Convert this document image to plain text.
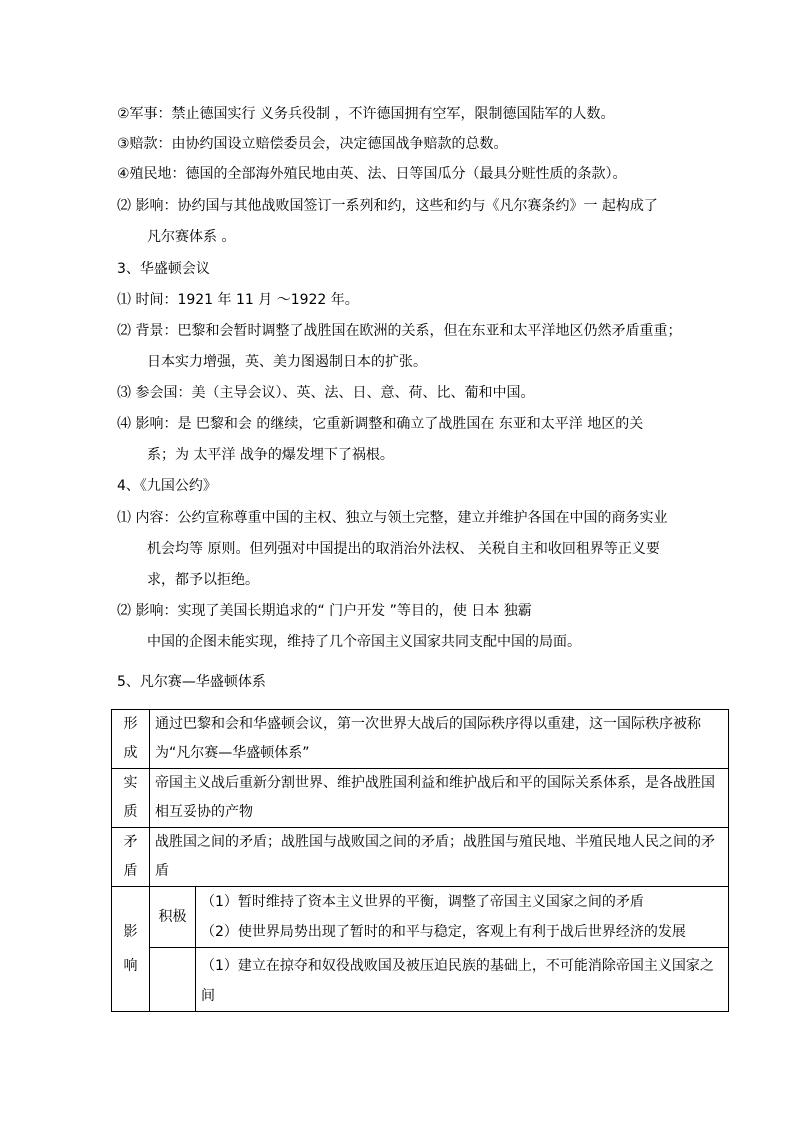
②军事：禁止德国实行 义务兵役制 ，不许德国拥有空军，限制德国陆军的人数。
③赔款：由协约国设立赔偿委员会，决定德国战争赔款的总数。
④殖民地：德国的全部海外殖民地由英、法、日等国瓜分（最具分赃性质的条款）。
⑵ 影响：协约国与其他战败国签订一系列和约，这些和约与《凡尔赛条约》一 起构成了
凡尔赛体系 。
3、华盛顿会议
⑴ 时间：1921 年 11 月 ～1922 年。
⑵ 背景：巴黎和会暂时调整了战胜国在欧洲的关系，但在东亚和太平洋地区仍然矛盾重重；
日本实力增强，英、美力图遏制日本的扩张。
⑶ 参会国：美（主导会议）、英、法、日、意、荷、比、葡和中国。
⑷ 影响：是 巴黎和会 的继续，它重新调整和确立了战胜国在 东亚和太平洋 地区的关
系；为 太平洋 战争的爆发埋下了祸根。
4、《九国公约》
⑴ 内容：公约宣称尊重中国的主权、独立与领土完整，建立并维护各国在中国的商务实业
机会均等 原则。但列强对中国提出的取消治外法权、 关税自主和收回租界等正义要
求，都予以拒绝。
⑵ 影响：实现了美国长期追求的“ 门户开发 ”等目的，使 日本 独霸
中国的企图未能实现，维持了几个帝国主义国家共同支配中国的局面。
5、凡尔赛—华盛顿体系
形
成	通过巴黎和会和华盛顿会议，第一次世界大战后的国际秩序得以重建，这一国际秩序被称为“凡尔赛—华盛顿体系”	

实
质	帝国主义战后重新分割世界、维护战胜国利益和维护战后和平的国际关系体系，是各战胜国相互妥协的产物	

矛
盾	战胜国之间的矛盾；战胜国与战败国之间的矛盾；战胜国与殖民地、半殖民地人民之间的矛盾	

影
响	积极	（1）暂时维持了资本主义世界的平衡，调整了帝国主义国家之间的矛盾
（2）使世界局势出现了暂时的和平与稳定，客观上有利于战后世界经济的发展

		（1）建立在掠夺和奴役战败国及被压迫民族的基础上，不可能消除帝国主义国家之间
